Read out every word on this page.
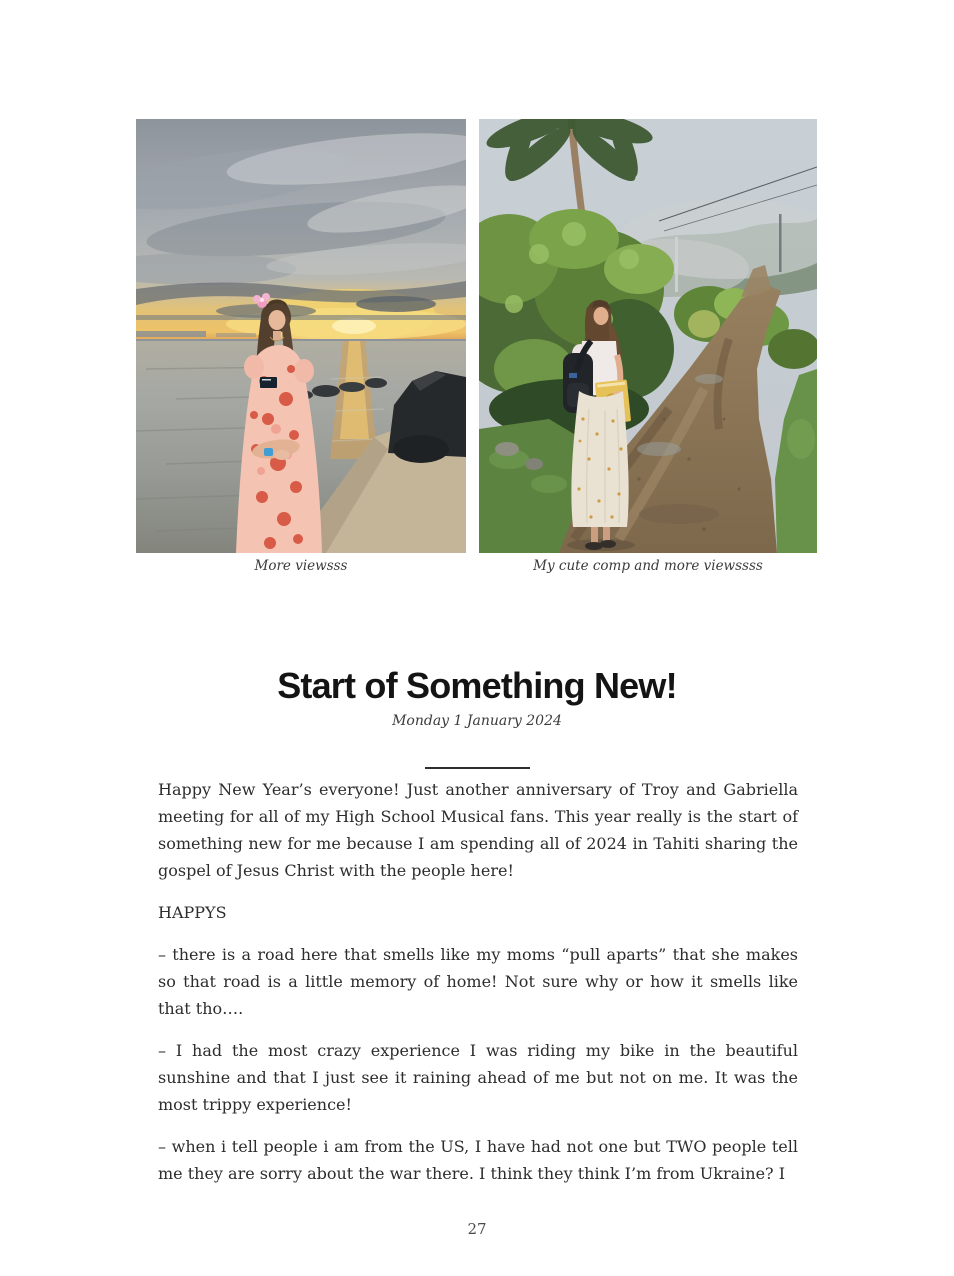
More viewsss	My cute comp and more viewssss
Start of Something New!
Monday 1 January 2024

Happy New Year’s everyone! Just another anniversary of Troy and Gabriella meeting for all of my High School Musical fans. This year really is the start of something new for me because I am spending all of 2024 in Tahiti sharing the gospel of Jesus Christ with the people here!

HAPPYS

– there is a road here that smells like my moms “pull aparts” that she makes so that road is a little memory of home! Not sure why or how it smells like that tho….

– I had the most crazy experience I was riding my bike in the beautiful sunshine and that I just see it raining ahead of me but not on me. It was the most trippy experience!

– when i tell people i am from the US, I have had not one but TWO people tell me they are sorry about the war there. I think they think I’m from Ukraine? I

27
